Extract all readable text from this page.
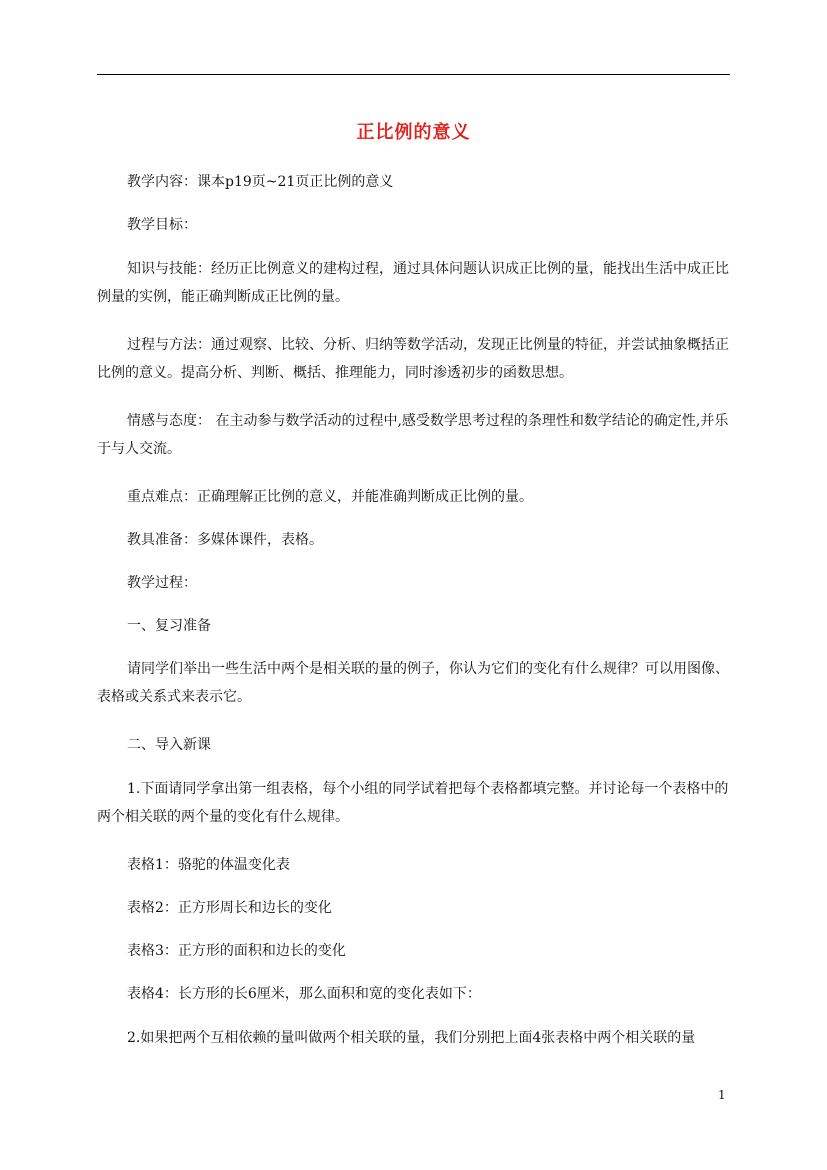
正比例的意义

教学内容：课本p19页~21页正比例的意义

教学目标：

知识与技能：经历正比例意义的建构过程，通过具体问题认识成正比例的量，能找出生活中成正比例量的实例，能正确判断成正比例的量。

过程与方法：通过观察、比较、分析、归纳等数学活动，发现正比例量的特征，并尝试抽象概括正比例的意义。提高分析、判断、概括、推理能力，同时渗透初步的函数思想。

情感与态度： 在主动参与数学活动的过程中,感受数学思考过程的条理性和数学结论的确定性,并乐于与人交流。

重点难点：正确理解正比例的意义，并能准确判断成正比例的量。

教具准备：多媒体课件，表格。

教学过程：

一、复习准备

请同学们举出一些生活中两个是相关联的量的例子，你认为它们的变化有什么规律？可以用图像、表格或关系式来表示它。

二、导入新课

1.下面请同学拿出第一组表格，每个小组的同学试着把每个表格都填完整。并讨论每一个表格中的两个相关联的两个量的变化有什么规律。

表格1：骆驼的体温变化表

表格2：正方形周长和边长的变化

表格3：正方形的面积和边长的变化

表格4：长方形的长6厘米，那么面积和宽的变化表如下：

2.如果把两个互相依赖的量叫做两个相关联的量，我们分别把上面4张表格中两个相关联的量

1
